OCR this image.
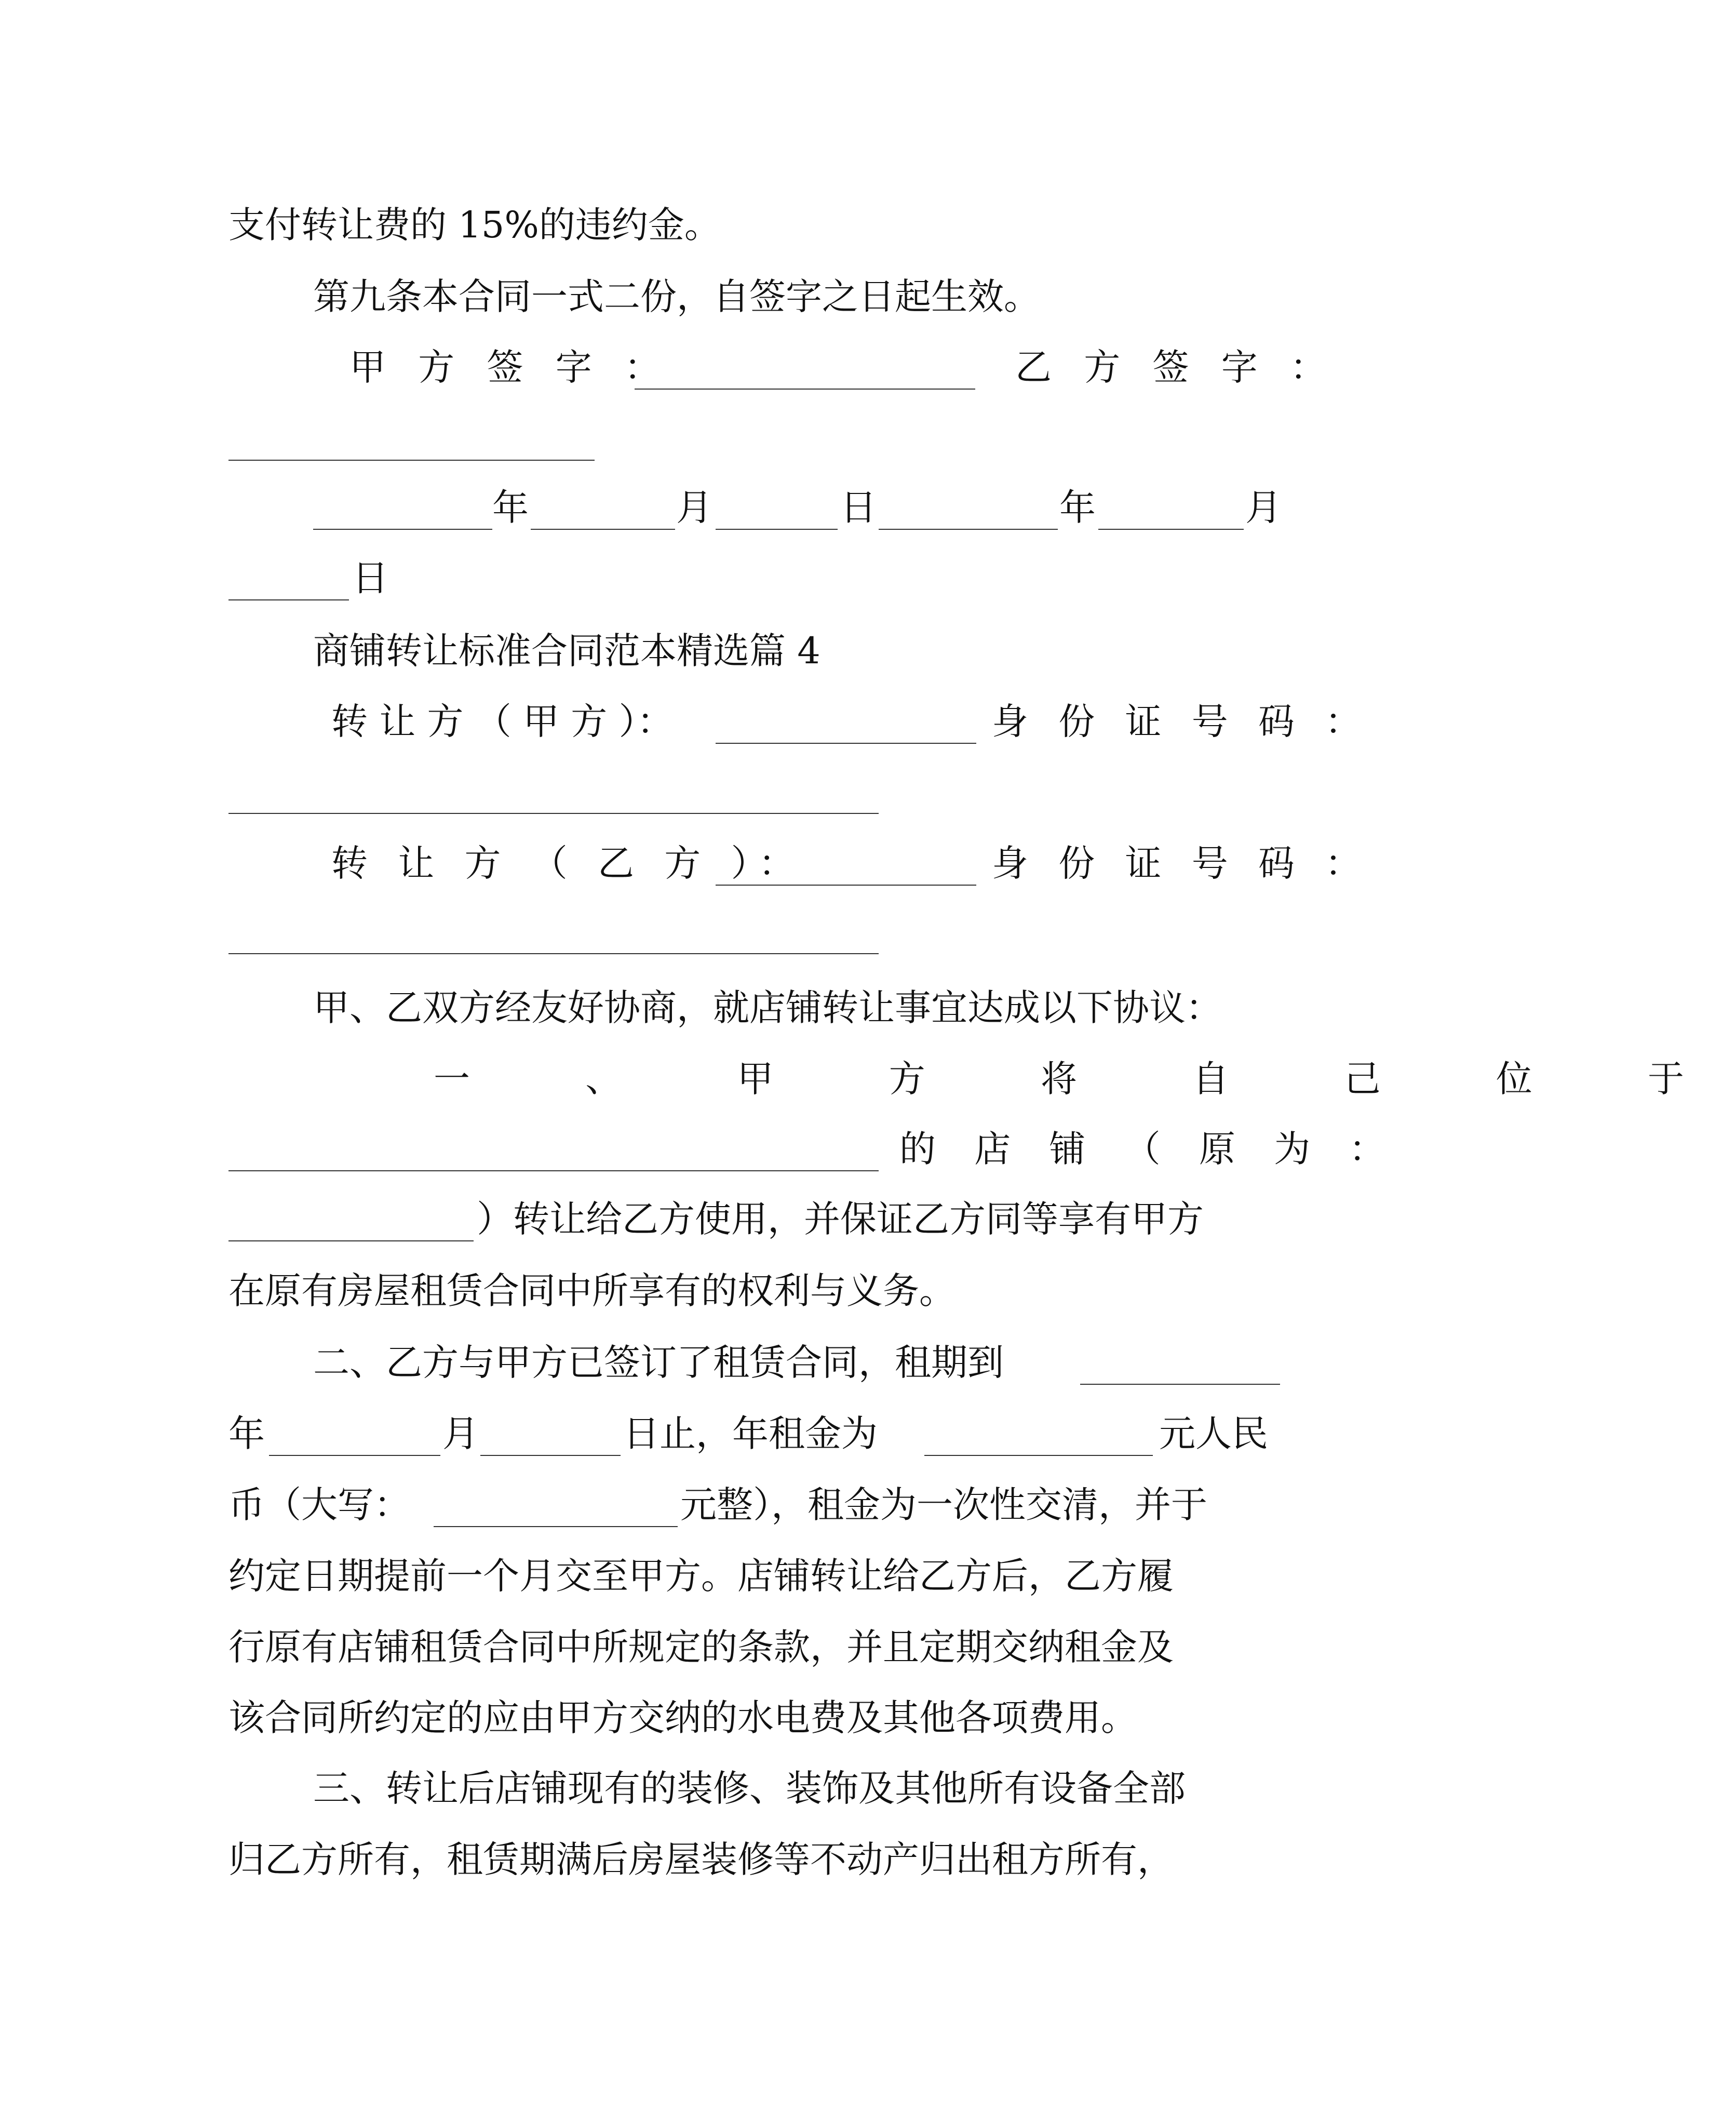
支付转让费的 15%的违约金。
第九条本合同一式二份，自签字之日起生效。
甲 方 签 字 ：	乙 方 签 字 ：
年	月	日	年	月
日
商铺转让标准合同范本精选篇 4
转 让 方 （ 甲 方 ）：	身 份 证 号 码 ：
转 让 方 （ 乙 方 ）：	身 份 证 号 码 ：
甲、乙双方经友好协商，就店铺转让事宜达成以下协议：
一 、 甲 方 将 自 己 位 于
的 店 铺 （ 原 为 ：
）转让给乙方使用，并保证乙方同等享有甲方
在原有房屋租赁合同中所享有的权利与义务。
二、乙方与甲方已签订了租赁合同，租期到
年	月	日止，年租金为	元人民
币（大写：	元整），租金为一次性交清，并于
约定日期提前一个月交至甲方。店铺转让给乙方后，乙方履
行原有店铺租赁合同中所规定的条款，并且定期交纳租金及
该合同所约定的应由甲方交纳的水电费及其他各项费用。
三、转让后店铺现有的装修、装饰及其他所有设备全部
归乙方所有，租赁期满后房屋装修等不动产归出租方所有，
